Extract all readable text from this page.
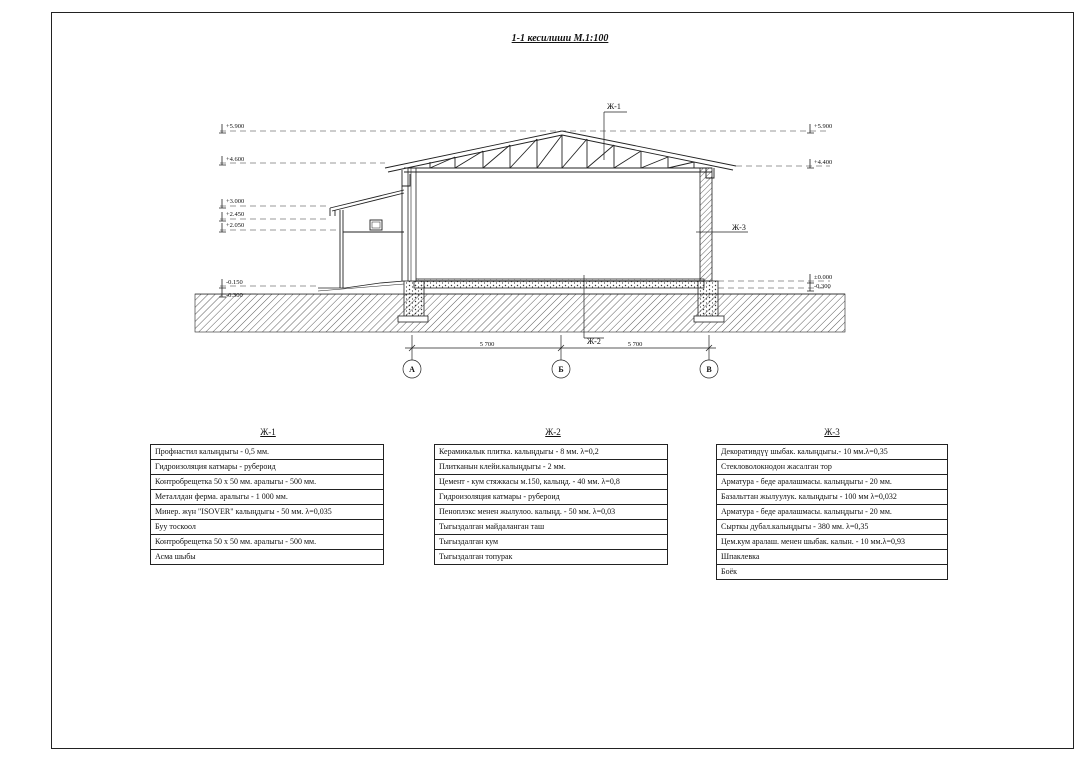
1-1 кесилиши М.1:100
+5.900
+4.600
+3.000
+2.450
+2.050
-0.150
-0.300
+5.900
+4.400
±0.000
-0.300
Ж-1
Ж-2
Ж-3
5 700	5 700
А	Б	В
Ж-1
Профнастил калыңдыгы - 0,5 мм.
Гидроизоляция катмары - рубероид
Контробрещетка 50 х 50 мм. аралыгы - 500 мм.
Металлдан ферма. аралыгы - 1 000 мм.
Минер. жүн "ISOVER" калыңдыгы - 50 мм. λ=0,035
Буу тоскоол
Контробрещетка 50 х 50 мм. аралыгы - 500 мм.
Асма шыбы
Ж-2
Керамикалык плитка. калыңдыгы - 8 мм. λ=0,2
Плитканын клейи.калыңдыгы - 2 мм.
Цемент - кум стяжкасы м.150, калыңд. - 40 мм. λ=0,8
Гидроизоляция катмары - рубероид
Пеноплэкс менен жылулоо. калыңд. - 50 мм. λ=0,03
Тыгыздалган майдаланган таш
Тыгыздалган кум
Тыгыздалган топурак
Ж-3
Декоративдүү шыбак. калыңдыгы.- 10 мм.λ=0,35
Стекловолокнодон жасалган тор
Арматура - беде аралашмасы. калыңдыгы - 20 мм.
Базальттан жылуулук. калыңдыгы - 100 мм λ=0,032
Арматура - беде аралашмасы. калыңдыгы - 20 мм.
Сырткы дубал.калыңдыгы - 380 мм. λ=0,35
Цем.кум аралаш. менен шыбак. калын. - 10 мм.λ=0,93
Шпаклевка
Боёк
